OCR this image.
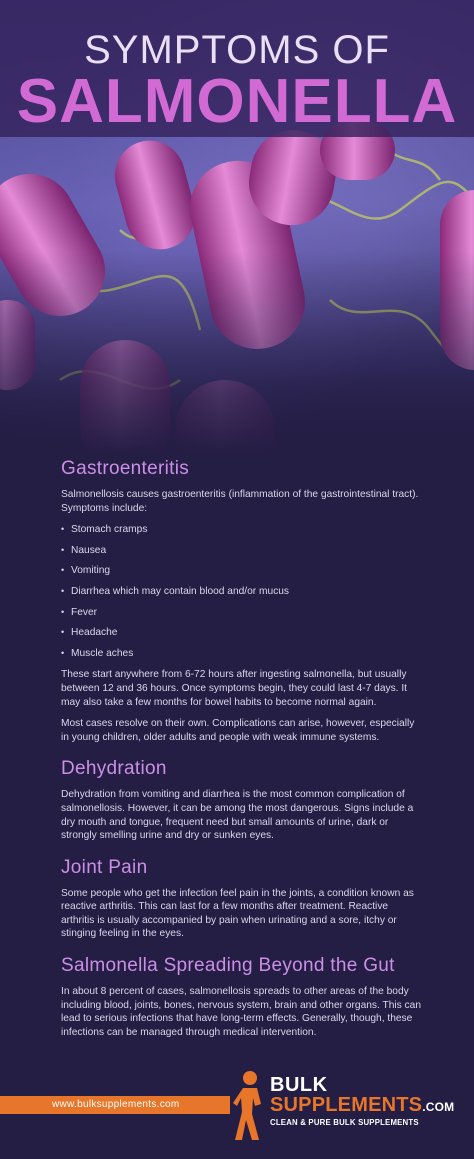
SYMPTOMS OF
SALMONELLA
Gastroenteritis
Salmonellosis causes gastroenteritis (inflammation of the gastrointestinal tract). Symptoms include:
• Stomach cramps
• Nausea
• Vomiting
• Diarrhea which may contain blood and/or mucus
• Fever
• Headache
• Muscle aches
These start anywhere from 6-72 hours after ingesting salmonella, but usually between 12 and 36 hours. Once symptoms begin, they could last 4-7 days. It may also take a few months for bowel habits to become normal again.
Most cases resolve on their own. Complications can arise, however, especially in young children, older adults and people with weak immune systems.
Dehydration
Dehydration from vomiting and diarrhea is the most common complication of salmonellosis. However, it can be among the most dangerous. Signs include a dry mouth and tongue, frequent need but small amounts of urine, dark or strongly smelling urine and dry or sunken eyes.
Joint Pain
Some people who get the infection feel pain in the joints, a condition known as reactive arthritis. This can last for a few months after treatment. Reactive arthritis is usually accompanied by pain when urinating and a sore, itchy or stinging feeling in the eyes.
Salmonella Spreading Beyond the Gut
In about 8 percent of cases, salmonellosis spreads to other areas of the body including blood, joints, bones, nervous system, brain and other organs. This can lead to serious infections that have long-term effects. Generally, though, these infections can be managed through medical intervention.
www.bulksupplements.com
BULK
SUPPLEMENTS.COM
CLEAN & PURE BULK SUPPLEMENTS
